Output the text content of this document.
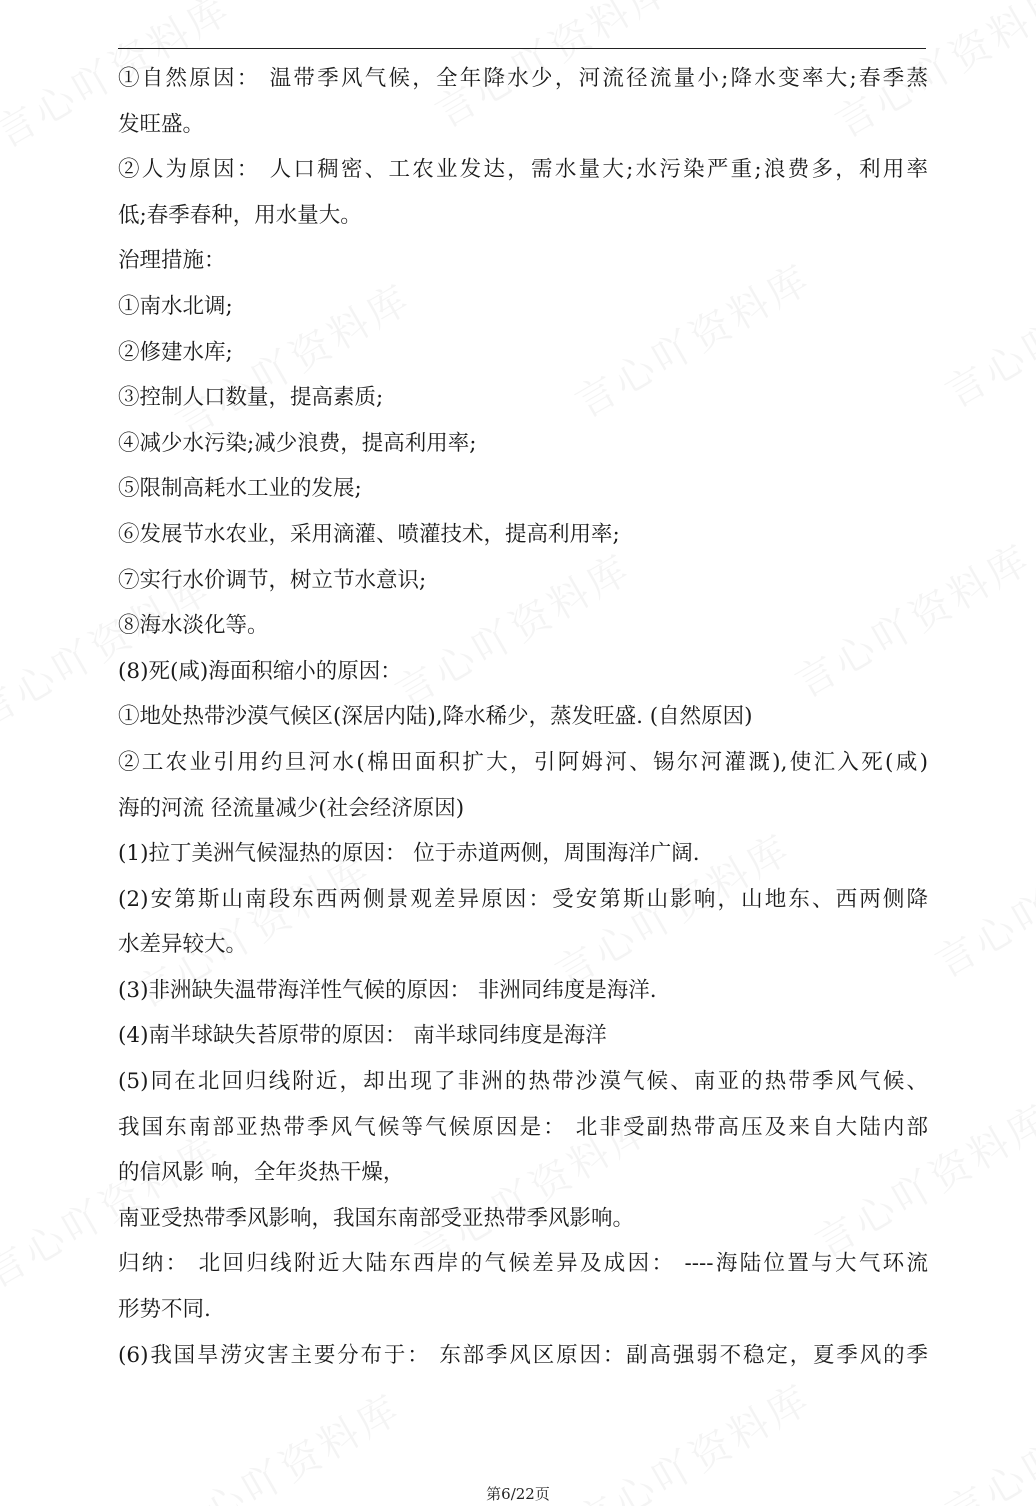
①自然原因： 温带季风气候，全年降水少，河流径流量小;降水变率大;春季蒸
发旺盛。
②人为原因： 人口稠密、工农业发达，需水量大;水污染严重;浪费多，利用率
低;春季春种，用水量大。
治理措施：
①南水北调;
②修建水库;
③控制人口数量，提高素质;
④减少水污染;减少浪费，提高利用率;
⑤限制高耗水工业的发展;
⑥发展节水农业，采用滴灌、喷灌技术，提高利用率;
⑦实行水价调节，树立节水意识;
⑧海水淡化等。
(8)死(咸)海面积缩小的原因：
①地处热带沙漠气候区(深居内陆),降水稀少，蒸发旺盛. (自然原因)
②工农业引用约旦河水(棉田面积扩大，引阿姆河、锡尔河灌溉),使汇入死(咸)
海的河流 径流量减少(社会经济原因)
(1)拉丁美洲气候湿热的原因： 位于赤道两侧，周围海洋广阔.
(2)安第斯山南段东西两侧景观差异原因：受安第斯山影响，山地东、西两侧降
水差异较大。
(3)非洲缺失温带海洋性气候的原因： 非洲同纬度是海洋.
(4)南半球缺失苔原带的原因： 南半球同纬度是海洋
(5)同在北回归线附近，却出现了非洲的热带沙漠气候、南亚的热带季风气候、
我国东南部亚热带季风气候等气候原因是： 北非受副热带高压及来自大陆内部
的信风影 响，全年炎热干燥，
南亚受热带季风影响，我国东南部受亚热带季风影响。
归纳： 北回归线附近大陆东西岸的气候差异及成因： ----海陆位置与大气环流
形势不同.
(6)我国旱涝灾害主要分布于： 东部季风区原因：副高强弱不稳定，夏季风的季
第6/22页
